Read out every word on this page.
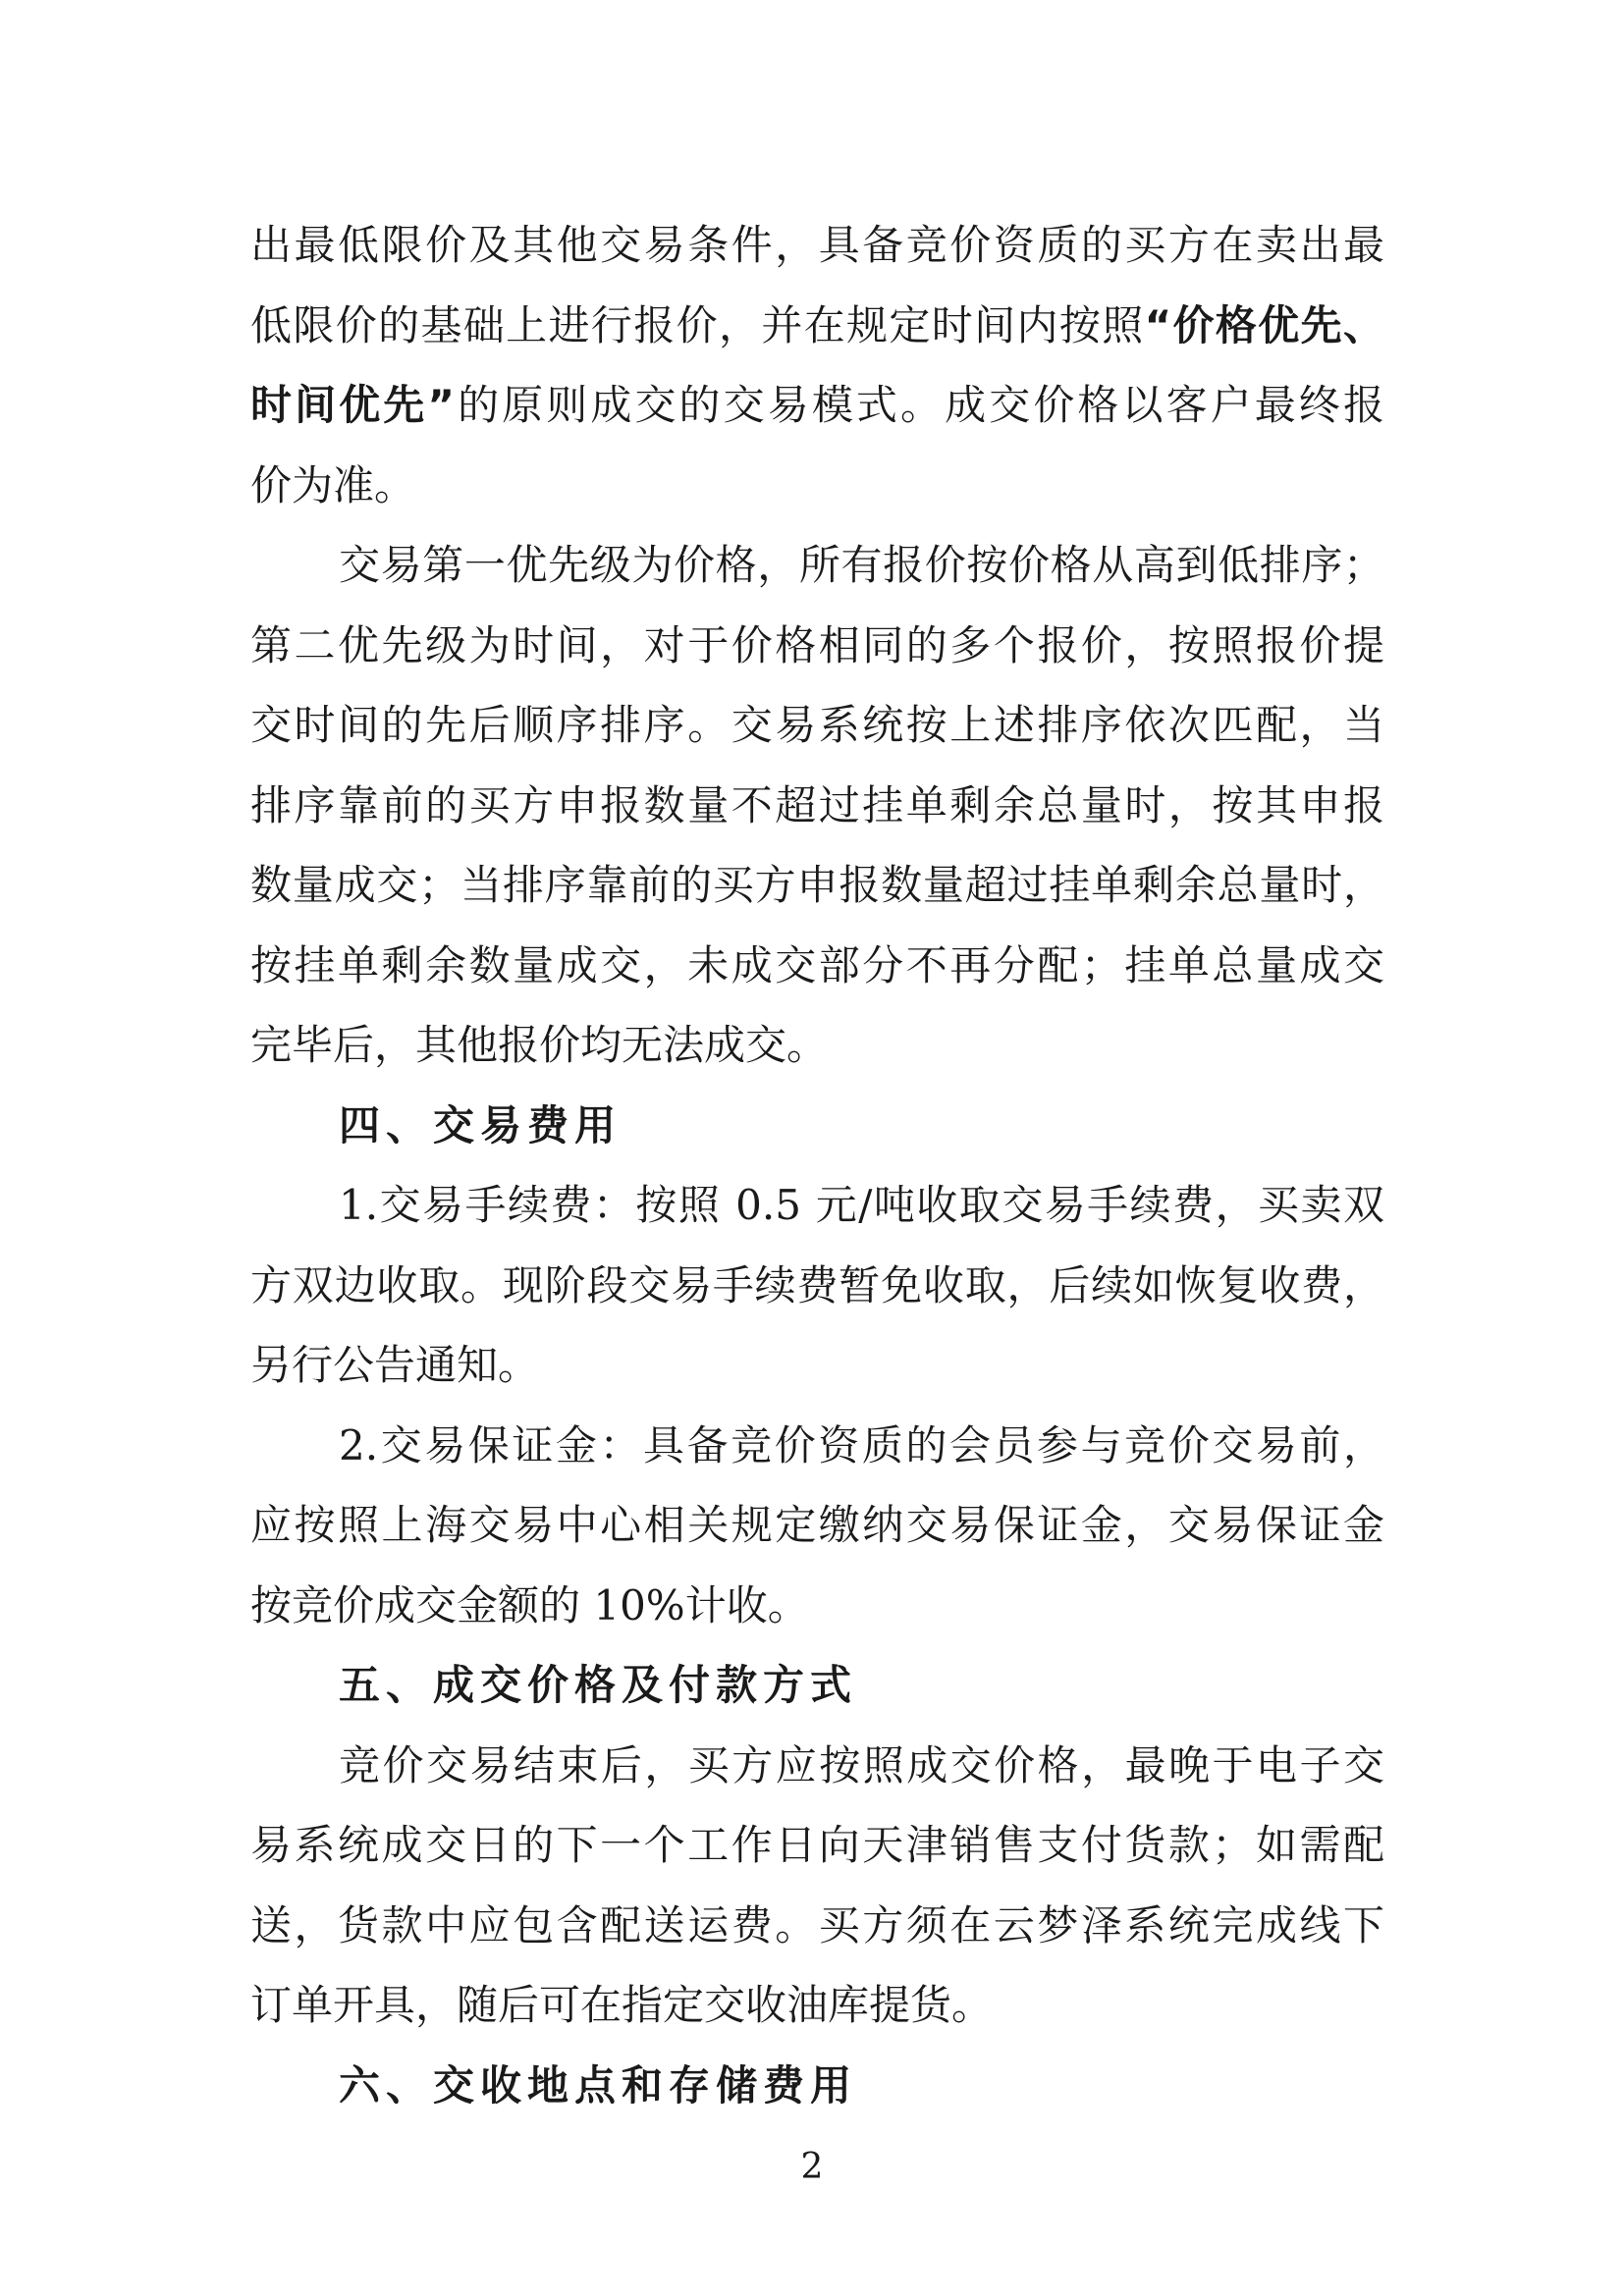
出最低限价及其他交易条件，具备竞价资质的买方在卖出最
低限价的基础上进行报价，并在规定时间内按照“价格优先、
时间优先”的原则成交的交易模式。成交价格以客户最终报
价为准。
交易第一优先级为价格，所有报价按价格从高到低排序；
第二优先级为时间，对于价格相同的多个报价，按照报价提
交时间的先后顺序排序。交易系统按上述排序依次匹配，当
排序靠前的买方申报数量不超过挂单剩余总量时，按其申报
数量成交；当排序靠前的买方申报数量超过挂单剩余总量时，
按挂单剩余数量成交，未成交部分不再分配；挂单总量成交
完毕后，其他报价均无法成交。
四、交易费用
1.交易手续费：按照 0.5 元/吨收取交易手续费，买卖双
方双边收取。现阶段交易手续费暂免收取，后续如恢复收费，
另行公告通知。
2.交易保证金：具备竞价资质的会员参与竞价交易前，
应按照上海交易中心相关规定缴纳交易保证金，交易保证金
按竞价成交金额的 10%计收。
五、成交价格及付款方式
竞价交易结束后，买方应按照成交价格，最晚于电子交
易系统成交日的下一个工作日向天津销售支付货款；如需配
送，货款中应包含配送运费。买方须在云梦泽系统完成线下
订单开具，随后可在指定交收油库提货。
2
六、交收地点和存储费用
